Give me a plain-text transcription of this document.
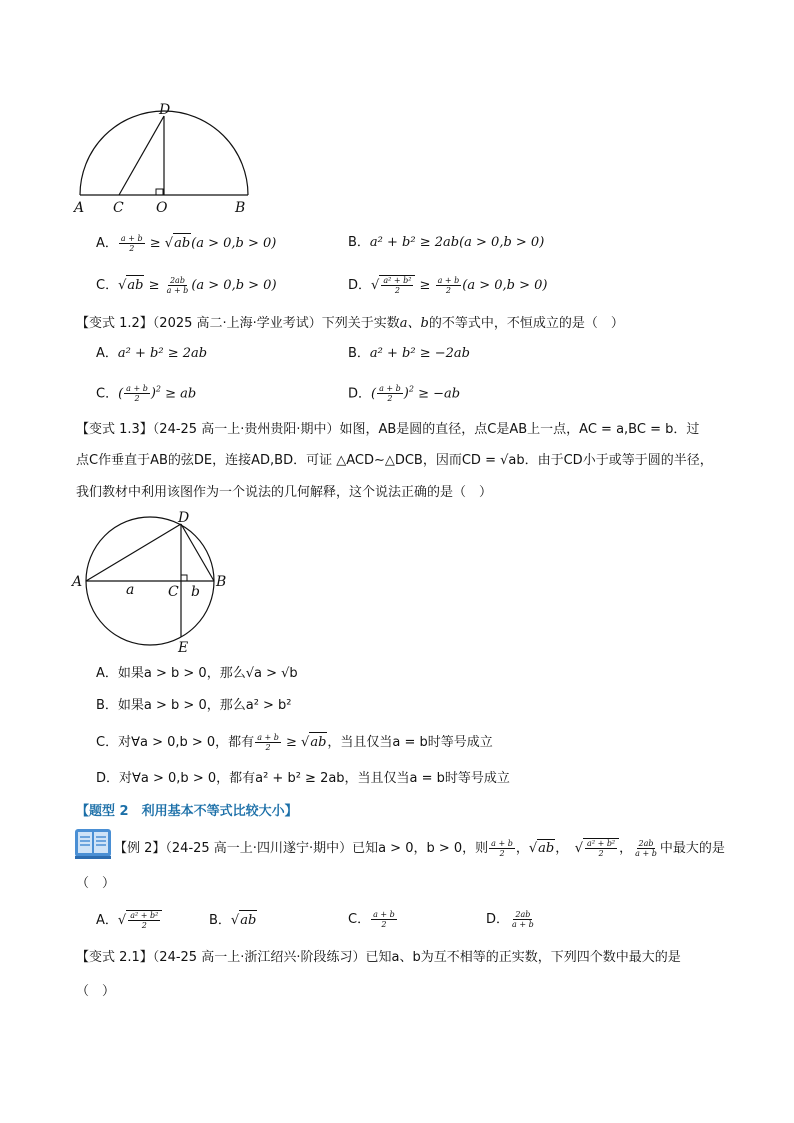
D
A C O	B
A． $\frac{a + b}{2} \ge √ab(a > 0,b > 0)$	B．a² + b² ≥ 2ab(a > 0,b > 0)
C．$√ab \ge \frac{2ab}{a + b} (a > 0,b > 0)$	D．√ $\frac{\text{a² + b²}}{2} \ge \frac{a + b}{2} (a > 0,b > 0)$
【变式 1.2】（2025 高二·上海·学业考试）下列关于实数a、b的不等式中，不恒成立的是（　）
A．a² + b² ≥ 2ab	B．a² + b² ≥ −2ab
C．( $\frac{a + b}{2} )^2$ ≥ ab	D．( $\frac{a + b}{2} )^2 \ge -ab$
【变式 1.3】（24-25 高一上·贵州贵阳·期中）如图，AB是圆的直径，点C是AB上一点，AC = a,BC = b．过
点C作垂直于AB的弦DE，连接AD,BD．可证 △ACD∼△DCB，因而CD = √ab．由于CD小于或等于圆的半径，
我们教材中利用该图作为一个说法的几何解释，这个说法正确的是（　）
D
A	B
C
E
a	b
A．如果a > b > 0，那么√a > √b
B．如果a > b > 0，那么a² > b²
C．对∀a > 0,b > 0，都有 $\frac{a + b}{2} \ge √ab$，当且仅当a = b时等号成立
D．对∀a > 0,b > 0，都有a² + b² ≥ 2ab，当且仅当a = b时等号成立
【题型 2　利用基本不等式比较大小】
【例 2】（24-25 高一上·四川遂宁·期中）已知a > 0，b > 0，则 $\frac{a + b}{2}$ ，√ab，　√ $\frac{\text{a² + b²}}{2}$ ， $\frac{2ab}{a + b}$ 中最大的是
（　）
A．√ $\frac{\text{a² + b²}}{2}$	B．√ab	C． $\frac{a + b}{2}$	D． $\frac{2ab}{a + b}$
【变式 2.1】（24-25 高一上·浙江绍兴·阶段练习）已知a、b为互不相等的正实数，下列四个数中最大的是
（　）
